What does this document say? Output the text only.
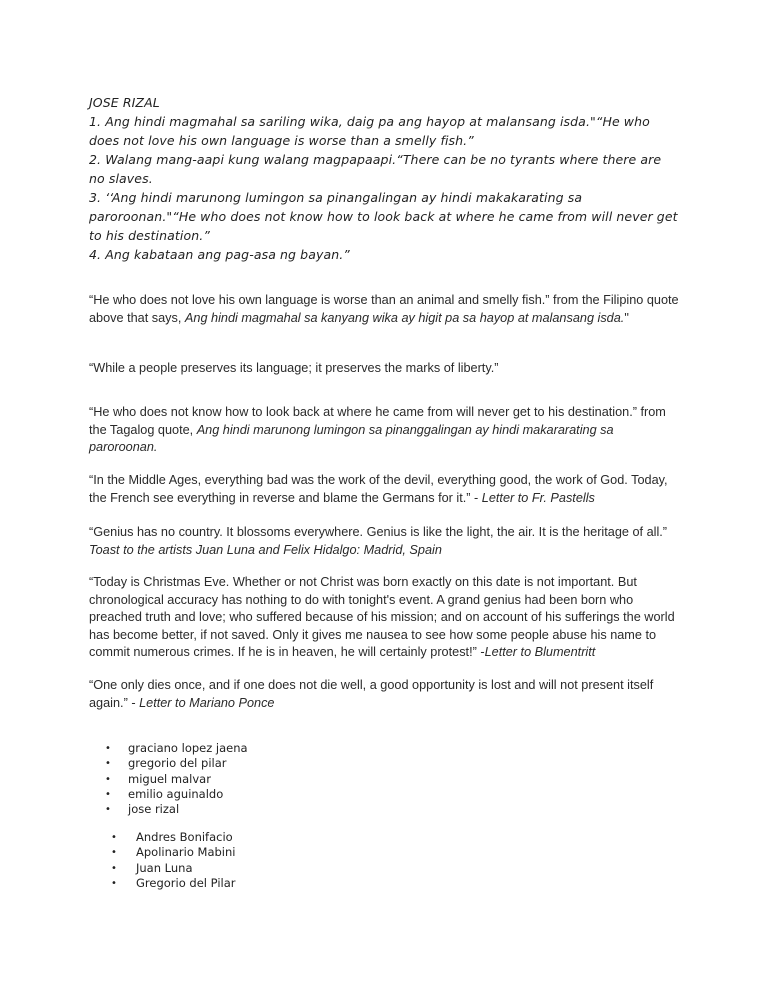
JOSE RIZAL
1. Ang hindi magmahal sa sariling wika, daig pa ang hayop at malansang isda."“He who
does not love his own language is worse than a smelly fish.”
2. Walang mang-aapi kung walang magpapaapi.“There can be no tyrants where there are
no slaves.
3. ‘‘Ang hindi marunong lumingon sa pinangalingan ay hindi makakarating sa
paroroonan."“He who does not know how to look back at where he came from will never get
to his destination.”
4. Ang kabataan ang pag-asa ng bayan.”

“He who does not love his own language is worse than an animal and smelly fish.” from the Filipino quote above that says, Ang hindi magmahal sa kanyang wika ay higit pa sa hayop at malansang isda."

“While a people preserves its language; it preserves the marks of liberty.”

“He who does not know how to look back at where he came from will never get to his destination.” from the Tagalog quote, Ang hindi marunong lumingon sa pinanggalingan ay hindi makararating sa paroroonan.

“In the Middle Ages, everything bad was the work of the devil, everything good, the work of God. Today, the French see everything in reverse and blame the Germans for it.” - Letter to Fr. Pastells

“Genius has no country. It blossoms everywhere. Genius is like the light, the air. It is the heritage of all.” Toast to the artists Juan Luna and Felix Hidalgo: Madrid, Spain

“Today is Christmas Eve. Whether or not Christ was born exactly on this date is not important. But chronological accuracy has nothing to do with tonight's event. A grand genius had been born who preached truth and love; who suffered because of his mission; and on account of his sufferings the world has become better, if not saved. Only it gives me nausea to see how some people abuse his name to commit numerous crimes. If he is in heaven, he will certainly protest!” -Letter to Blumentritt

“One only dies once, and if one does not die well, a good opportunity is lost and will not present itself again.” - Letter to Mariano Ponce

• graciano lopez jaena
• gregorio del pilar
• miguel malvar
• emilio aguinaldo
• jose rizal
• Andres Bonifacio
• Apolinario Mabini
• Juan Luna
• Gregorio del Pilar
